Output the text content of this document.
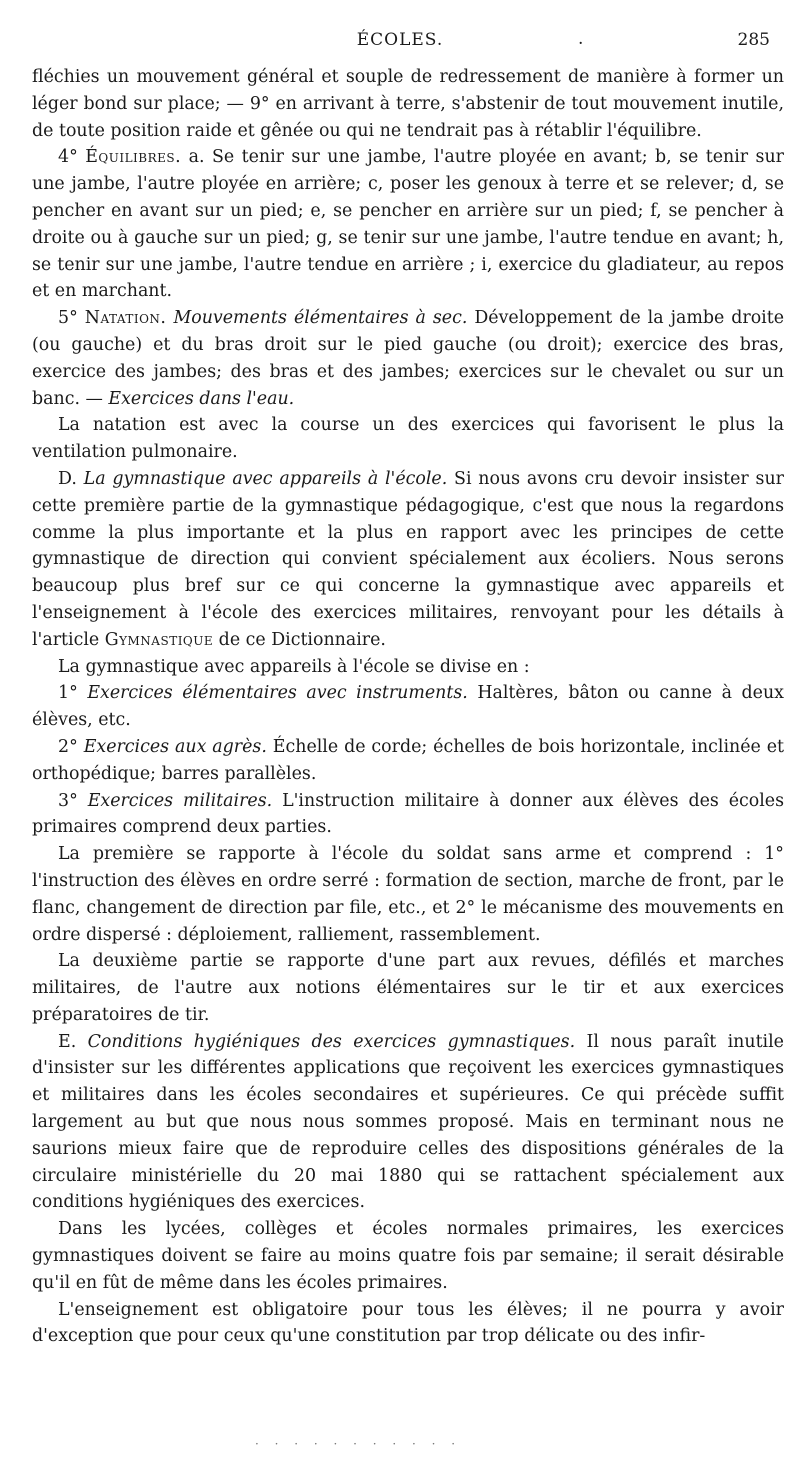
ÉCOLES.	.	285

fléchies un mouvement général et souple de redressement de manière à former un léger bond sur place; — 9° en arrivant à terre, s'abstenir de tout mouvement inutile, de toute position raide et gênée ou qui ne tendrait pas à rétablir l'équilibre.

4° Équilibres. a. Se tenir sur une jambe, l'autre ployée en avant; b, se tenir sur une jambe, l'autre ployée en arrière; c, poser les genoux à terre et se relever; d, se pencher en avant sur un pied; e, se pencher en arrière sur un pied; f, se pencher à droite ou à gauche sur un pied; g, se tenir sur une jambe, l'autre tendue en avant; h, se tenir sur une jambe, l'autre tendue en arrière ; i, exercice du gladiateur, au repos et en marchant.

5° Natation. Mouvements élémentaires à sec. Développement de la jambe droite (ou gauche) et du bras droit sur le pied gauche (ou droit); exercice des bras, exercice des jambes; des bras et des jambes; exercices sur le chevalet ou sur un banc. — Exercices dans l'eau.

La natation est avec la course un des exercices qui favorisent le plus la ventilation pulmonaire.

D. La gymnastique avec appareils à l'école. Si nous avons cru devoir insister sur cette première partie de la gymnastique pédagogique, c'est que nous la regardons comme la plus importante et la plus en rapport avec les principes de cette gymnastique de direction qui convient spécialement aux écoliers. Nous serons beaucoup plus bref sur ce qui concerne la gymnastique avec appareils et l'enseignement à l'école des exercices militaires, renvoyant pour les détails à l'article Gymnastique de ce Dictionnaire.

La gymnastique avec appareils à l'école se divise en :

1° Exercices élémentaires avec instruments. Haltères, bâton ou canne à deux élèves, etc.

2° Exercices aux agrès. Échelle de corde; échelles de bois horizontale, inclinée et orthopédique; barres parallèles.

3° Exercices militaires. L'instruction militaire à donner aux élèves des écoles primaires comprend deux parties.

La première se rapporte à l'école du soldat sans arme et comprend : 1° l'instruction des élèves en ordre serré : formation de section, marche de front, par le flanc, changement de direction par file, etc., et 2° le mécanisme des mouvements en ordre dispersé : déploiement, ralliement, rassemblement.

La deuxième partie se rapporte d'une part aux revues, défilés et marches militaires, de l'autre aux notions élémentaires sur le tir et aux exercices préparatoires de tir.

E. Conditions hygiéniques des exercices gymnastiques. Il nous paraît inutile d'insister sur les différentes applications que reçoivent les exercices gymnastiques et militaires dans les écoles secondaires et supérieures. Ce qui précède suffit largement au but que nous nous sommes proposé. Mais en terminant nous ne saurions mieux faire que de reproduire celles des dispositions générales de la circulaire ministérielle du 20 mai 1880 qui se rattachent spécialement aux conditions hygiéniques des exercices.

Dans les lycées, collèges et écoles normales primaires, les exercices gymnastiques doivent se faire au moins quatre fois par semaine; il serait désirable qu'il en fût de même dans les écoles primaires.

L'enseignement est obligatoire pour tous les élèves; il ne pourra y avoir d'exception que pour ceux qu'une constitution par trop délicate ou des infir-

· · · · · · · · · · ·
